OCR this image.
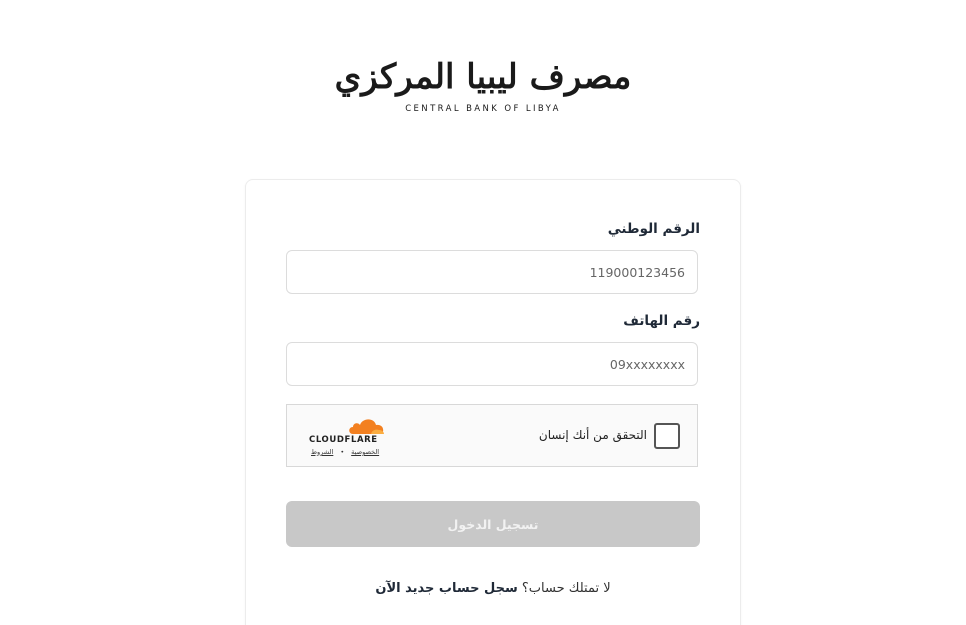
مصرف ليبيا المركزي
CENTRAL BANK OF LIBYA
الرقم الوطني
119000123456
رقم الهاتف
09xxxxxxxx
التحقق من أنك إنسان
CLOUDFLARE
الخصوصية•الشروط
تسجيل الدخول
لا تمتلك حساب؟ سجل حساب جديد الآن
